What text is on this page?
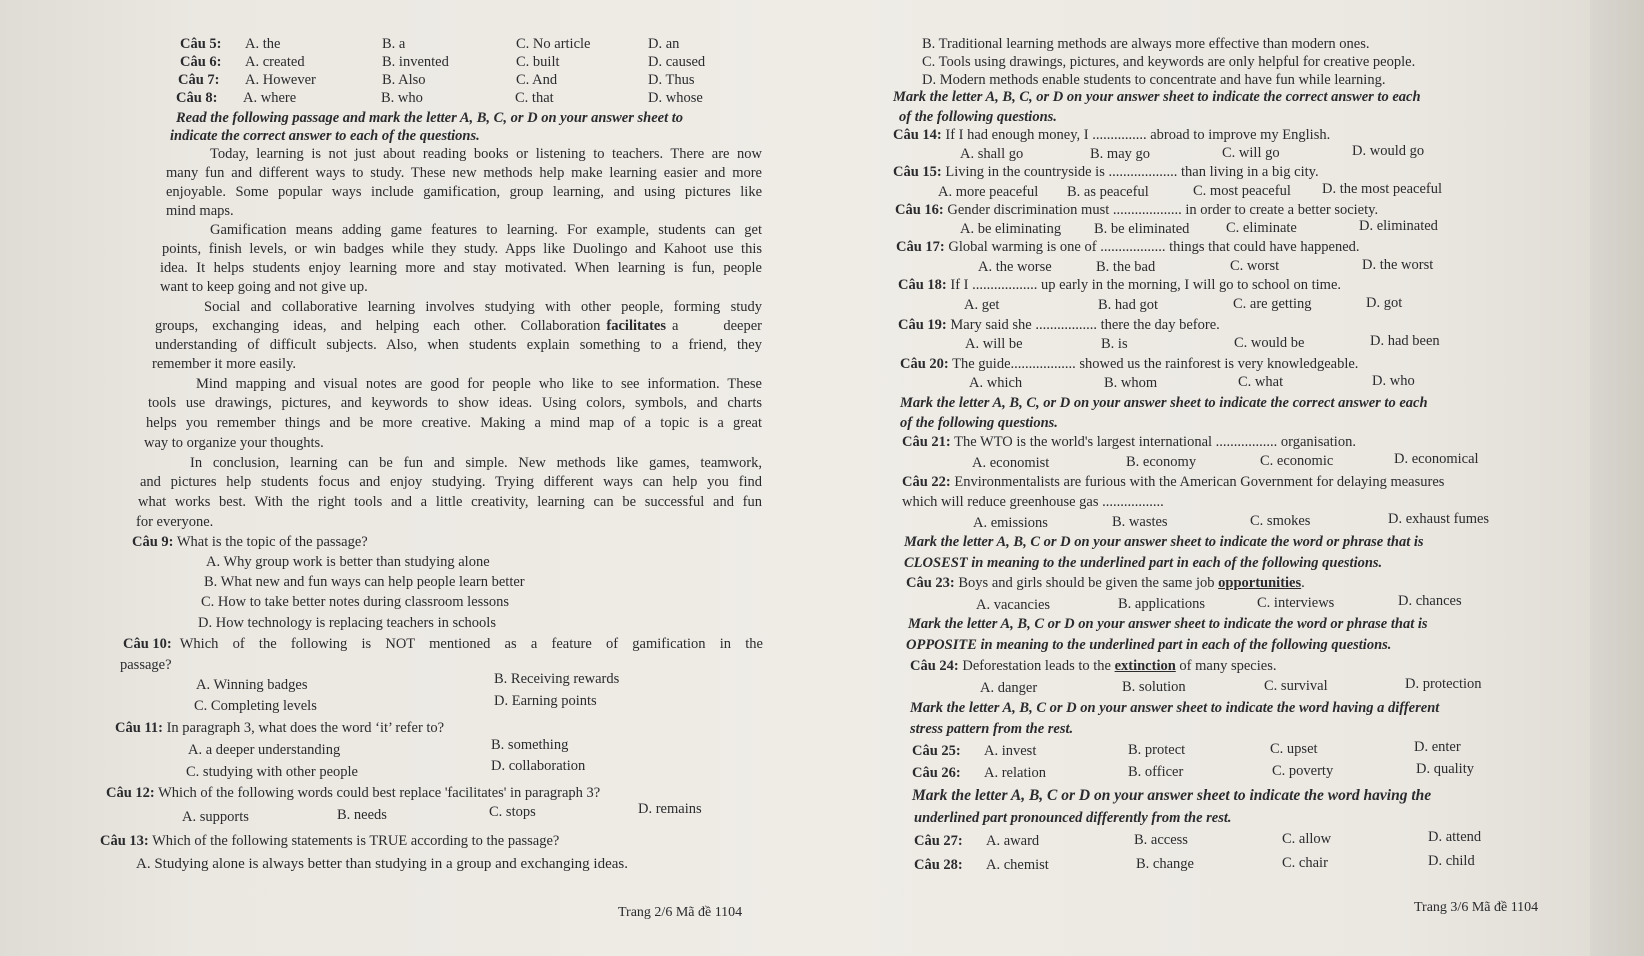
Câu 5: A. the	B. a	C. No article	D. an
Câu 6: A. created	B. invented	C. built	D. caused
Câu 7: A. However	B. Also	C. And	D. Thus
Câu 8: A. where	B. who	C. that	D. whose
Read the following passage and mark the letter A, B, C, or D on your answer sheet to
indicate the correct answer to each of the questions.
Today, learning is not just about reading books or listening to teachers. There are now
many fun and different ways to study. These new methods help make learning easier and more
enjoyable. Some popular ways include gamification, group learning, and using pictures like
mind maps.
Gamification means adding game features to learning. For example, students can get
points, finish levels, or win badges while they study. Apps like Duolingo and Kahoot use this
idea. It helps students enjoy learning more and stay motivated. When learning is fun, people
want to keep going and not give up.
Social and collaborative learning involves studying with other people, forming study
groups, exchanging ideas, and helping each other. Collaboration facilitates a deeper
understanding of difficult subjects. Also, when students explain something to a friend, they
remember it more easily.
Mind mapping and visual notes are good for people who like to see information. These
tools use drawings, pictures, and keywords to show ideas. Using colors, symbols, and charts
helps you remember things and be more creative. Making a mind map of a topic is a great
way to organize your thoughts.
In conclusion, learning can be fun and simple. New methods like games, teamwork,
and pictures help students focus and enjoy studying. Trying different ways can help you find
what works best. With the right tools and a little creativity, learning can be successful and fun
for everyone.
Câu 9: What is the topic of the passage?
A. Why group work is better than studying alone
B. What new and fun ways can help people learn better
C. How to take better notes during classroom lessons
D. How technology is replacing teachers in schools
Câu 10: Which of the following is NOT mentioned as a feature of gamification in the
passage?
A. Winning badges	B. Receiving rewards
C. Completing levels	D. Earning points
Câu 11: In paragraph 3, what does the word ‘it’ refer to?
A. a deeper understanding	B. something
C. studying with other people	D. collaboration
Câu 12: Which of the following words could best replace 'facilitates' in paragraph 3?
A. supports	B. needs	C. stops	D. remains
Câu 13: Which of the following statements is TRUE according to the passage?
A. Studying alone is always better than studying in a group and exchanging ideas.
Trang 2/6 Mã đề 1104
B. Traditional learning methods are always more effective than modern ones.
C. Tools using drawings, pictures, and keywords are only helpful for creative people.
D. Modern methods enable students to concentrate and have fun while learning.
Mark the letter A, B, C, or D on your answer sheet to indicate the correct answer to each
of the following questions.
Câu 14: If I had enough money, I ............... abroad to improve my English.
A. shall go	B. may go	C. will go	D. would go
Câu 15: Living in the countryside is ................... than living in a big city.
A. more peaceful B. as peaceful	C. most peaceful D. the most peaceful
Câu 16: Gender discrimination must ................... in order to create a better society.
A. be eliminating B. be eliminated	C. eliminate	D. eliminated
Câu 17: Global warming is one of .................. things that could have happened.
A. the worse	B. the bad	C. worst	D. the worst
Câu 18: If I .................. up early in the morning, I will go to school on time.
A. get	B. had got	C. are getting	D. got
Câu 19: Mary said she ................. there the day before.
A. will be	B. is	C. would be	D. had been
Câu 20: The guide.................. showed us the rainforest is very knowledgeable.
A. which	B. whom	C. what	D. who
Mark the letter A, B, C, or D on your answer sheet to indicate the correct answer to each
of the following questions.
Câu 21: The WTO is the world's largest international ................. organisation.
A. economist	B. economy	C. economic	D. economical
Câu 22: Environmentalists are furious with the American Government for delaying measures
which will reduce greenhouse gas .................
A. emissions	B. wastes	C. smokes	D. exhaust fumes
Mark the letter A, B, C or D on your answer sheet to indicate the word or phrase that is
CLOSEST in meaning to the underlined part in each of the following questions.
Câu 23: Boys and girls should be given the same job opportunities.
A. vacancies	B. applications	C. interviews	D. chances
Mark the letter A, B, C or D on your answer sheet to indicate the word or phrase that is
OPPOSITE in meaning to the underlined part in each of the following questions.
Câu 24: Deforestation leads to the extinction of many species.
A. danger	B. solution	C. survival	D. protection
Mark the letter A, B, C or D on your answer sheet to indicate the word having a different
stress pattern from the rest.
Câu 25: A. invest	B. protect	C. upset	D. enter
Câu 26: A. relation	B. officer	C. poverty	D. quality
Mark the letter A, B, C or D on your answer sheet to indicate the word having the
underlined part pronounced differently from the rest.
Câu 27: A. award	B. access	C. allow	D. attend
Câu 28: A. chemist	B. change	C. chair	D. child
Trang 3/6 Mã đề 1104
